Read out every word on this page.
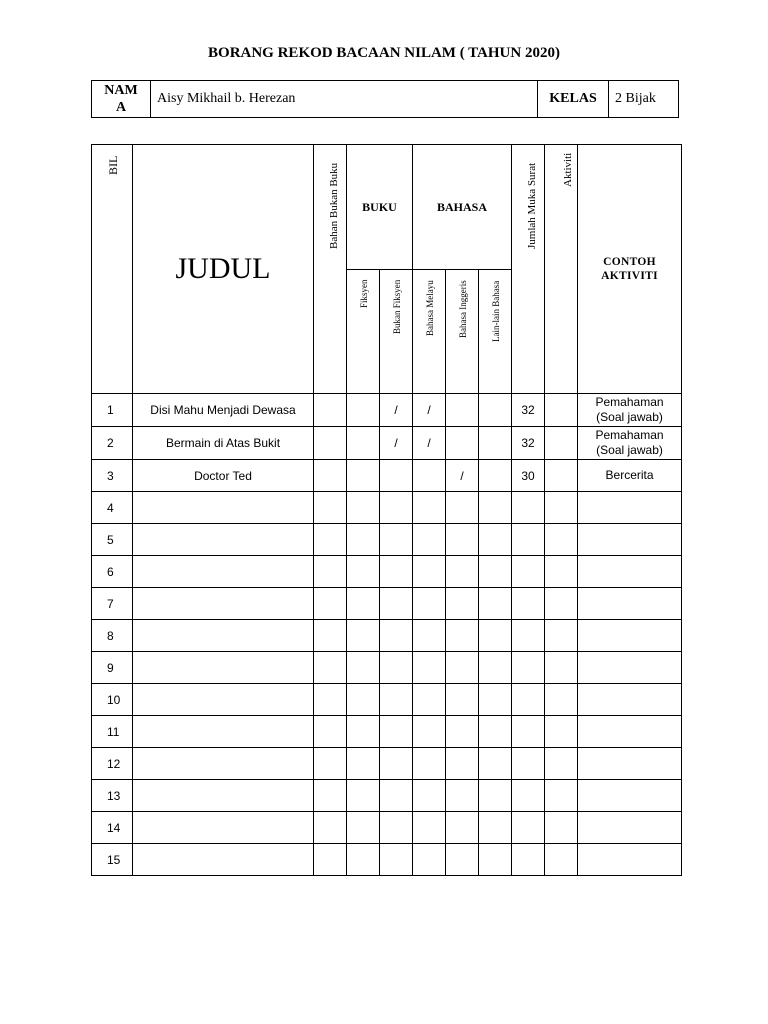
BORANG REKOD BACAAN NILAM ( TAHUN 2020)
NAM
A	Aisy Mikhail b. Herezan	KELAS	2 Bijak
BIL	JUDUL	Bahan Bukan Buku	BUKU		BAHASA			Jumlah Muka Surat	Aktiviti	CONTOH
AKTIVITI

			Fiksyen	Bukan Fiksyen	Bahasa Melayu	Bahasa Inggeris	Lain-lain Bahasa			

1	Disi Mahu Menjadi Dewasa			/	/			32		Pemahaman
(Soal jawab)
2	Bermain di Atas Bukit			/	/			32		Pemahaman
(Soal jawab)
3	Doctor Ted					/		30		Bercerita
4										
5										
6										
7										
8										
9										
10										
11										
12										
13										
14										
15										
